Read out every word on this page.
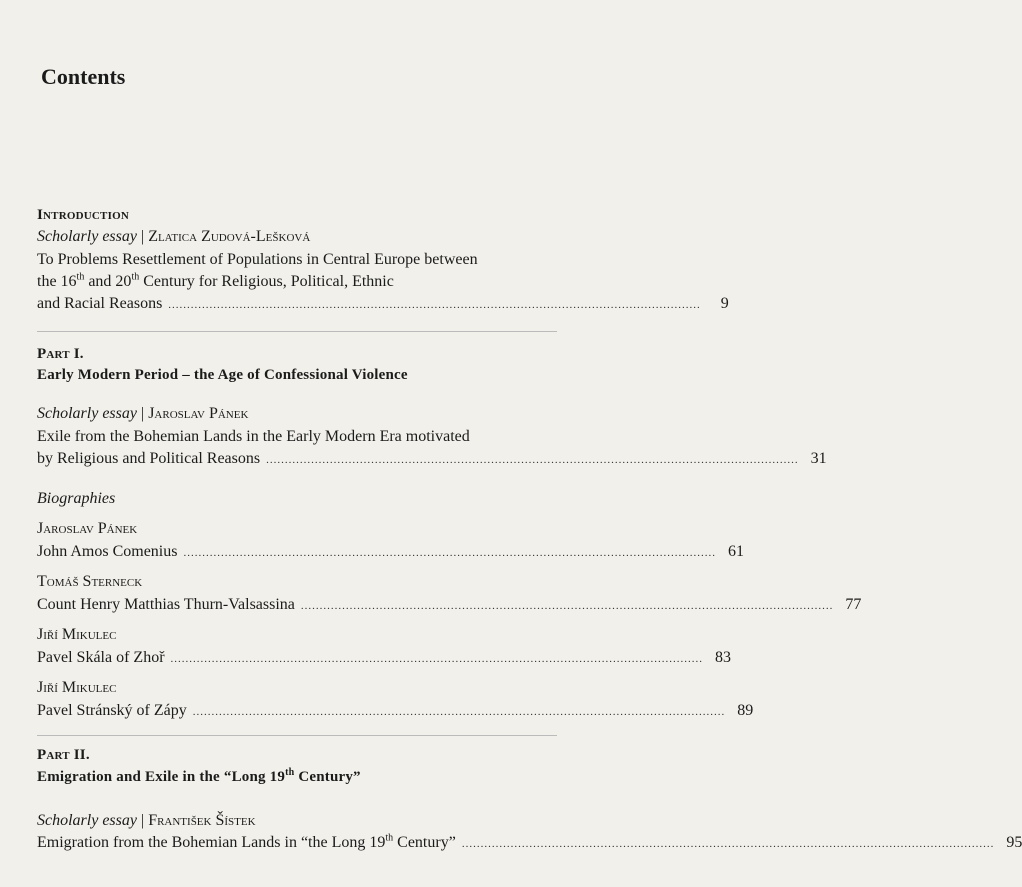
Contents
Introduction
Scholarly essay | Zlatica Zudová-Lešková
To Problems Resettlement of Populations in Central Europe between
the 16th and 20th Century for Religious, Political, Ethnic
and Racial Reasons ..............................................................................................................................................	9
Part I.
Early Modern Period – the Age of Confessional Violence
Scholarly essay | Jaroslav Pánek
Exile from the Bohemian Lands in the Early Modern Era motivated
by Religious and Political Reasons .............................................................................................................................................. 31
Biographies
Jaroslav Pánek
John Amos Comenius .............................................................................................................................................. 61
Tomáš Sterneck
Count Henry Matthias Thurn-Valsassina .............................................................................................................................................. 77
Jiří Mikulec
Pavel Skála of Zhoř .............................................................................................................................................. 83
Jiří Mikulec
Pavel Stránský of Zápy .............................................................................................................................................. 89
Part II.
Emigration and Exile in the “Long 19th Century”
Scholarly essay | František Šístek
Emigration from the Bohemian Lands in “the Long 19th Century” .............................................................................................................................................. 95
